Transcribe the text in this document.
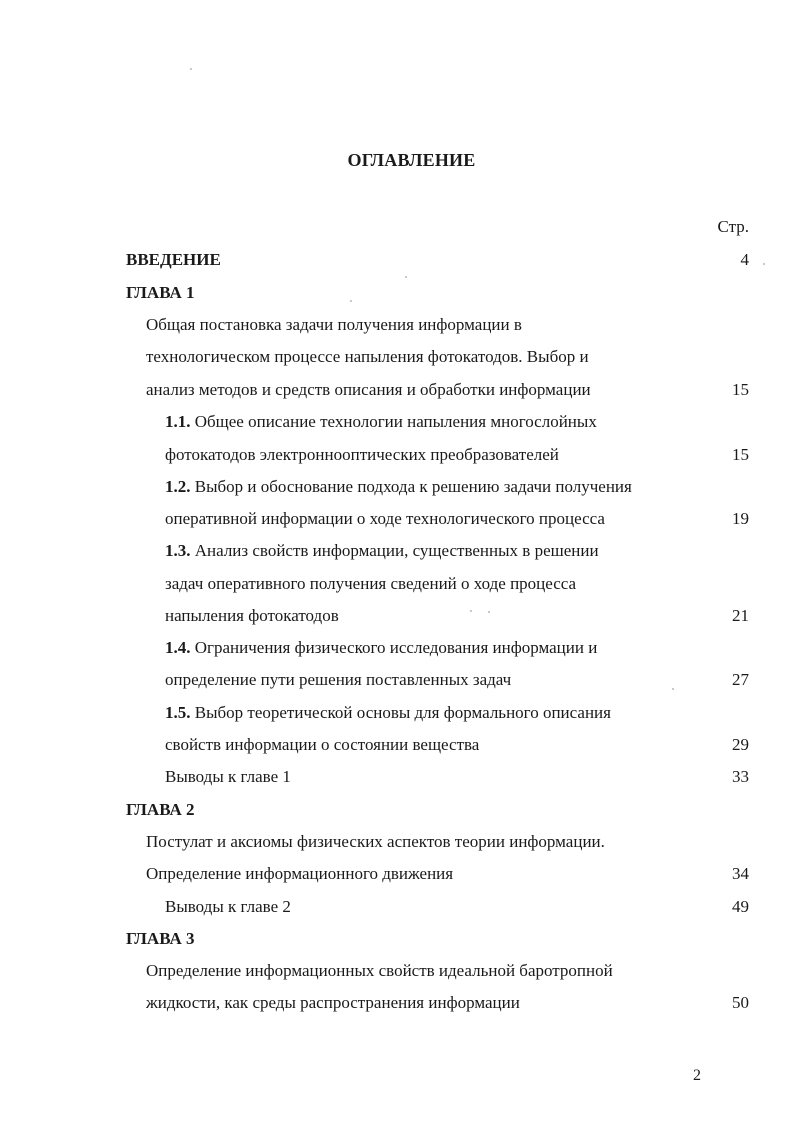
ОГЛАВЛЕНИЕ
Стр.
ВВЕДЕНИЕ	4
ГЛАВА 1
Общая постановка задачи получения информации в
технологическом процессе напыления фотокатодов. Выбор и
анализ методов и средств описания и обработки информации	15
1.1. Общее описание технологии напыления многослойных
фотокатодов электроннооптических преобразователей	15
1.2. Выбор и обоснование подхода к решению задачи получения
оперативной информации о ходе технологического процесса	19
1.3. Анализ свойств информации, существенных в решении
задач оперативного получения сведений о ходе процесса
напыления фотокатодов	21
1.4. Ограничения физического исследования информации и
определение пути решения поставленных задач	27
1.5. Выбор теоретической основы для формального описания
свойств информации о состоянии вещества	29
Выводы к главе 1	33
ГЛАВА 2
Постулат и аксиомы физических аспектов теории информации.
Определение информационного движения	34
Выводы к главе 2	49
ГЛАВА 3
Определение информационных свойств идеальной баротропной
жидкости, как среды распространения информации	50
2
